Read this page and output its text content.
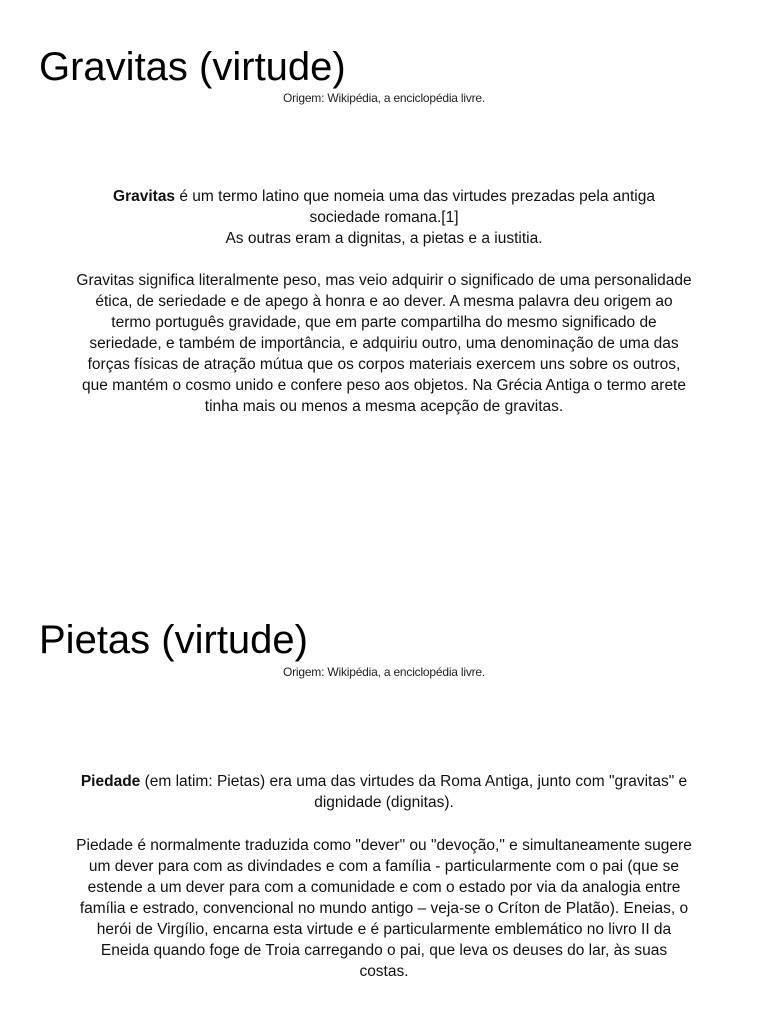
Gravitas (virtude)
Origem: Wikipédia, a enciclopédia livre.

Gravitas é um termo latino que nomeia uma das virtudes prezadas pela antiga
sociedade romana.[1]
As outras eram a dignitas, a pietas e a iustitia.

Gravitas significa literalmente peso, mas veio adquirir o significado de uma personalidade
ética, de seriedade e de apego à honra e ao dever. A mesma palavra deu origem ao
termo português gravidade, que em parte compartilha do mesmo significado de
seriedade, e também de importância, e adquiriu outro, uma denominação de uma das
forças físicas de atração mútua que os corpos materiais exercem uns sobre os outros,
que mantém o cosmo unido e confere peso aos objetos. Na Grécia Antiga o termo arete
tinha mais ou menos a mesma acepção de gravitas.

Pietas (virtude)
Origem: Wikipédia, a enciclopédia livre.

Piedade (em latim: Pietas) era uma das virtudes da Roma Antiga, junto com "gravitas" e
dignidade (dignitas).

Piedade é normalmente traduzida como "dever" ou "devoção," e simultaneamente sugere
um dever para com as divindades e com a família - particularmente com o pai (que se
estende a um dever para com a comunidade e com o estado por via da analogia entre
família e estrado, convencional no mundo antigo – veja-se o Críton de Platão). Eneias, o
herói de Virgílio, encarna esta virtude e é particularmente emblemático no livro II da
Eneida quando foge de Troia carregando o pai, que leva os deuses do lar, às suas
costas.
